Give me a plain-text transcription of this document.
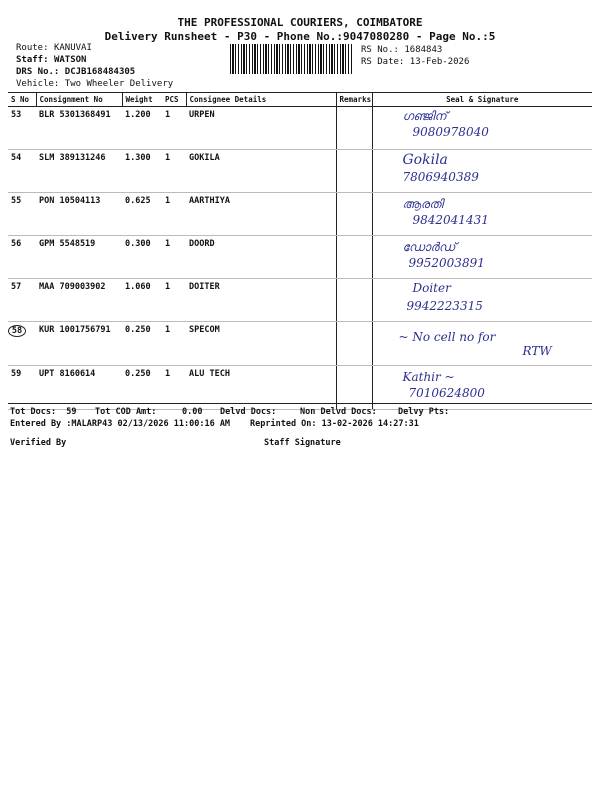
THE PROFESSIONAL COURIERS, COIMBATORE
Delivery Runsheet - P30 - Phone No.:9047080280 - Page No.:5
Route: KANUVAI
Staff: WATSON
DRS No.: DCJB168484305
Vehicle: Two Wheeler Delivery
RS No.: 1684843
RS Date: 13-Feb-2026
S No	Consignment No	Weight	PCS	Consignee Details	Remarks	Seal & Signature
53	BLR 5301368491	1.200	1	URPEN		ഗഞ്ജിന്
9080978040

54	SLM 389131246	1.300	1	GOKILA		Gokila
7806940389

55	PON 10504113	0.625	1	AARTHIYA		ആരതി
9842041431

56	GPM 5548519	0.300	1	DOORD		ഡോർഡ്
9952003891

57	MAA 709003902	1.060	1	DOITER		Doiter
9942223315

58	KUR 1001756791	0.250	1	SPECOM		~ No cell no for
RTW

59	UPT 8160614	0.250	1	ALU TECH		Kathir ~
7010624800
Tot Docs:  59 Tot COD Amt:     0.00 Delvd Docs:	Non Delvd Docs: Delvy Pts:
Entered By :MALARP43 02/13/2026 11:00:16 AM Reprinted On: 13-02-2026 14:27:31
Verified By	Staff Signature
